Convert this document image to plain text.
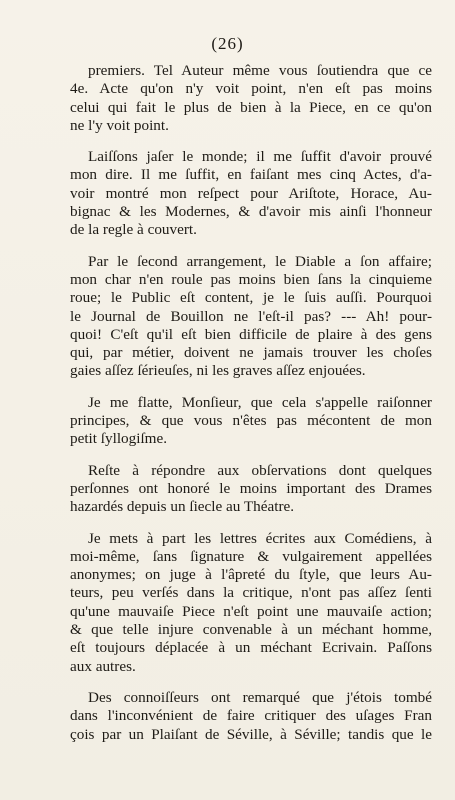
(26)
premiers. Tel Auteur même vous ſoutiendra que ce
4e. Acte qu'on n'y voit point, n'en eſt pas moins
celui qui fait le plus de bien à la Piece, en ce qu'on
ne l'y voit point.
Laiſſons jaſer le monde; il me ſuffit d'avoir prouvé
mon dire. Il me ſuffit, en faiſant mes cinq Actes, d'a-
voir montré mon reſpect pour Ariſtote, Horace, Au-
bignac & les Modernes, & d'avoir mis ainſi l'honneur
de la regle à couvert.
Par le ſecond arrangement, le Diable a ſon affaire;
mon char n'en roule pas moins bien ſans la cinquieme
roue; le Public eſt content, je le ſuis auſſi. Pourquoi
le Journal de Bouillon ne l'eſt-il pas? --- Ah! pour-
quoi! C'eſt qu'il eſt bien difficile de plaire à des gens
qui, par métier, doivent ne jamais trouver les choſes
gaies aſſez ſérieuſes, ni les graves aſſez enjouées.
Je me flatte, Monſieur, que cela s'appelle raiſonner
principes, & que vous n'êtes pas mécontent de mon
petit ſyllogiſme.
Reſte à répondre aux obſervations dont quelques
perſonnes ont honoré le moins important des Drames
hazardés depuis un ſiecle au Théatre.
Je mets à part les lettres écrites aux Comédiens, à
moi-même, ſans ſignature & vulgairement appellées
anonymes; on juge à l'âpreté du ſtyle, que leurs Au-
teurs, peu verſés dans la critique, n'ont pas aſſez ſenti
qu'une mauvaiſe Piece n'eſt point une mauvaiſe action;
& que telle injure convenable à un méchant homme,
eſt toujours déplacée à un méchant Ecrivain. Paſſons
aux autres.
Des connoiſſeurs ont remarqué que j'étois tombé
dans l'inconvénient de faire critiquer des uſages Fran
çois par un Plaiſant de Séville, à Séville; tandis que le
